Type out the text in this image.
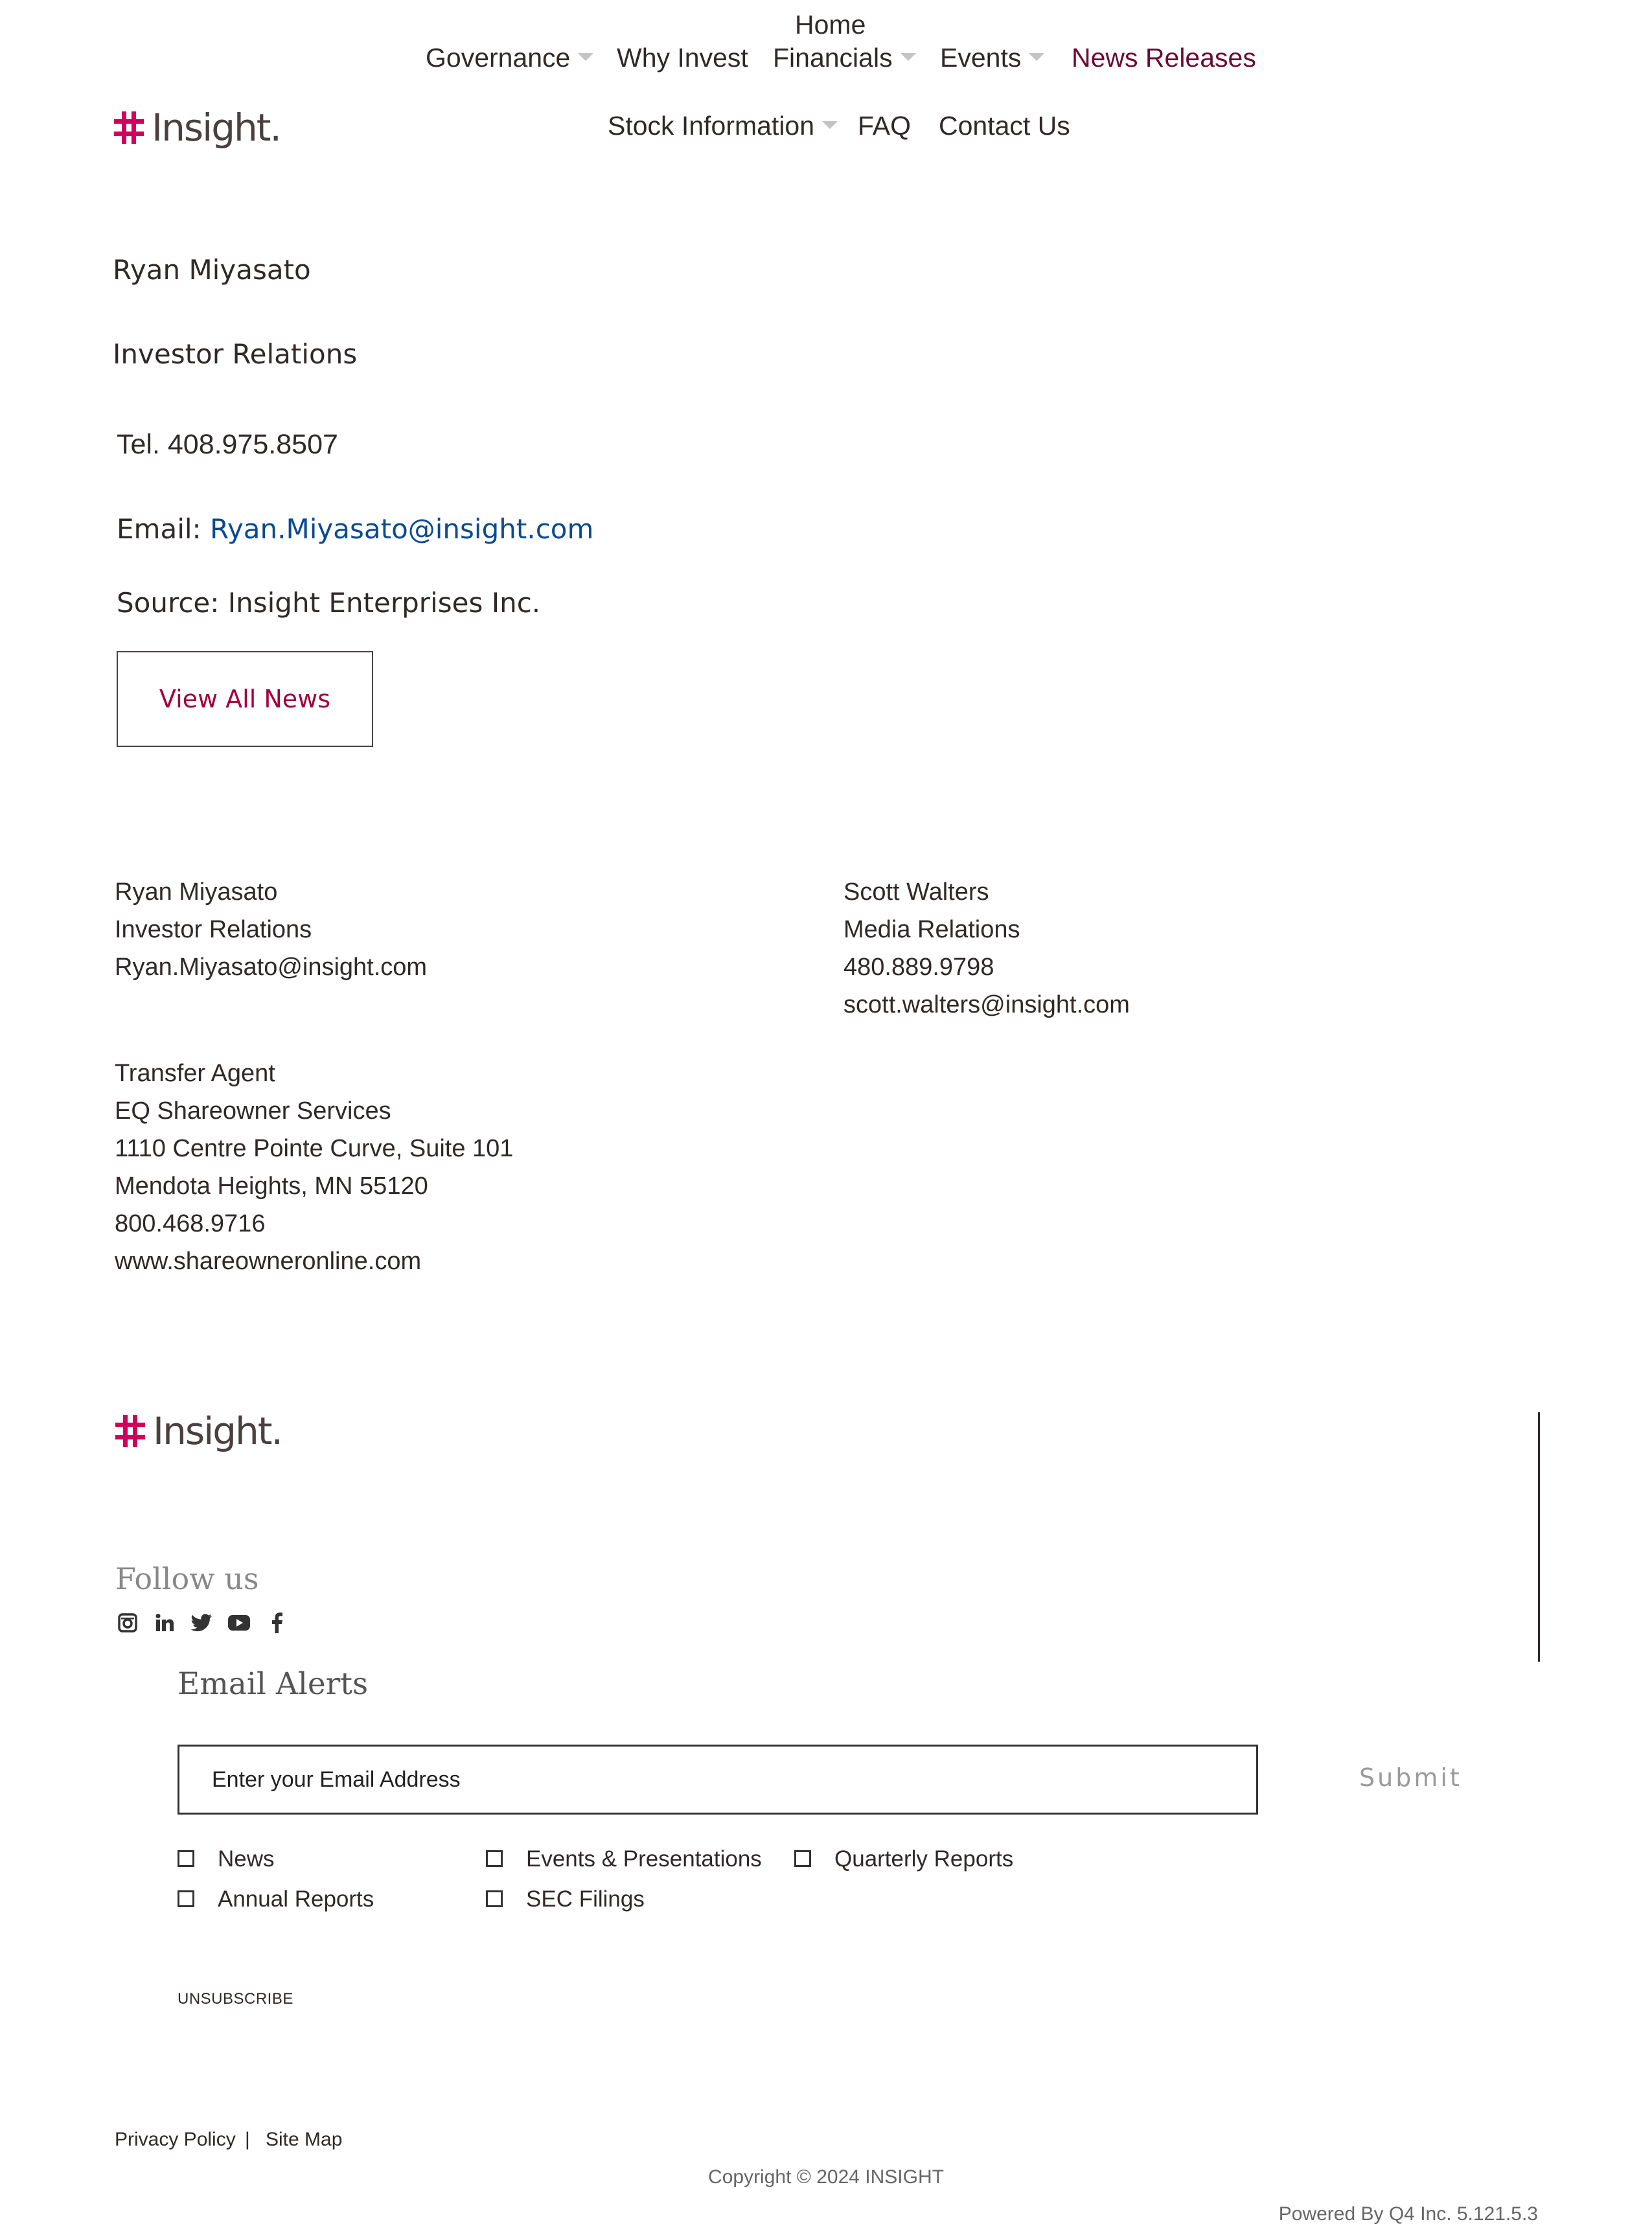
Insight .
Home
Governance	Why Invest Financials	Events	News Releases
Stock Information	FAQ Contact Us
Ryan Miyasato
Investor Relations
Tel. 408.975.8507
Email: Ryan.Miyasato@insight.com
Source: Insight Enterprises Inc.
View All News
Ryan Miyasato
Investor Relations
Ryan.Miyasato@insight.com
Scott Walters
Media Relations
480.889.9798
scott.walters@insight.com
Transfer Agent
EQ Shareowner Services
1110 Centre Pointe Curve, Suite 101
Mendota Heights, MN 55120
800.468.9716
www.shareowneronline.com
Insight .
Follow us
Email Alerts
Enter your Email Address	Submit
News	Events & Presentations	Quarterly Reports
Annual Reports	SEC Filings
UNSUBSCRIBE
Privacy Policy | Site Map
Copyright © 2024 INSIGHT
Powered By Q4 Inc. 5.121.5.3
